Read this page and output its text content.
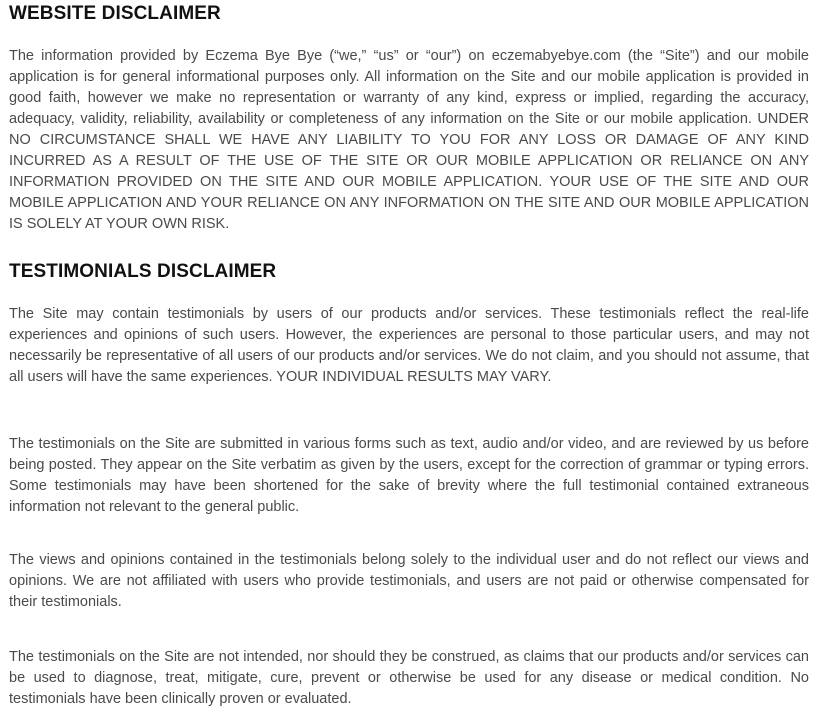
WEBSITE DISCLAIMER

The information provided by Eczema Bye Bye (“we,” “us” or “our”) on eczemabyebye.com (the “Site”) and our mobile application is for general informational purposes only. All information on the Site and our mobile application is provided in good faith, however we make no representation or warranty of any kind, express or implied, regarding the accuracy, adequacy, validity, reliability, availability or completeness of any information on the Site or our mobile application. UNDER NO CIRCUMSTANCE SHALL WE HAVE ANY LIABILITY TO YOU FOR ANY LOSS OR DAMAGE OF ANY KIND INCURRED AS A RESULT OF THE USE OF THE SITE OR OUR MOBILE APPLICATION OR RELIANCE ON ANY INFORMATION PROVIDED ON THE SITE AND OUR MOBILE APPLICATION. YOUR USE OF THE SITE AND OUR MOBILE APPLICATION AND YOUR RELIANCE ON ANY INFORMATION ON THE SITE AND OUR MOBILE APPLICATION IS SOLELY AT YOUR OWN RISK.

TESTIMONIALS DISCLAIMER

The Site may contain testimonials by users of our products and/or services. These testimonials reflect the real-life experiences and opinions of such users. However, the experiences are personal to those particular users, and may not necessarily be representative of all users of our products and/or services. We do not claim, and you should not assume, that all users will have the same experiences. YOUR INDIVIDUAL RESULTS MAY VARY.

The testimonials on the Site are submitted in various forms such as text, audio and/or video, and are reviewed by us before being posted. They appear on the Site verbatim as given by the users, except for the correction of grammar or typing errors. Some testimonials may have been shortened for the sake of brevity where the full testimonial contained extraneous information not relevant to the general public.

The views and opinions contained in the testimonials belong solely to the individual user and do not reflect our views and opinions. We are not affiliated with users who provide testimonials, and users are not paid or otherwise compensated for their testimonials.

The testimonials on the Site are not intended, nor should they be construed, as claims that our products and/or services can be used to diagnose, treat, mitigate, cure, prevent or otherwise be used for any disease or medical condition. No testimonials have been clinically proven or evaluated.
